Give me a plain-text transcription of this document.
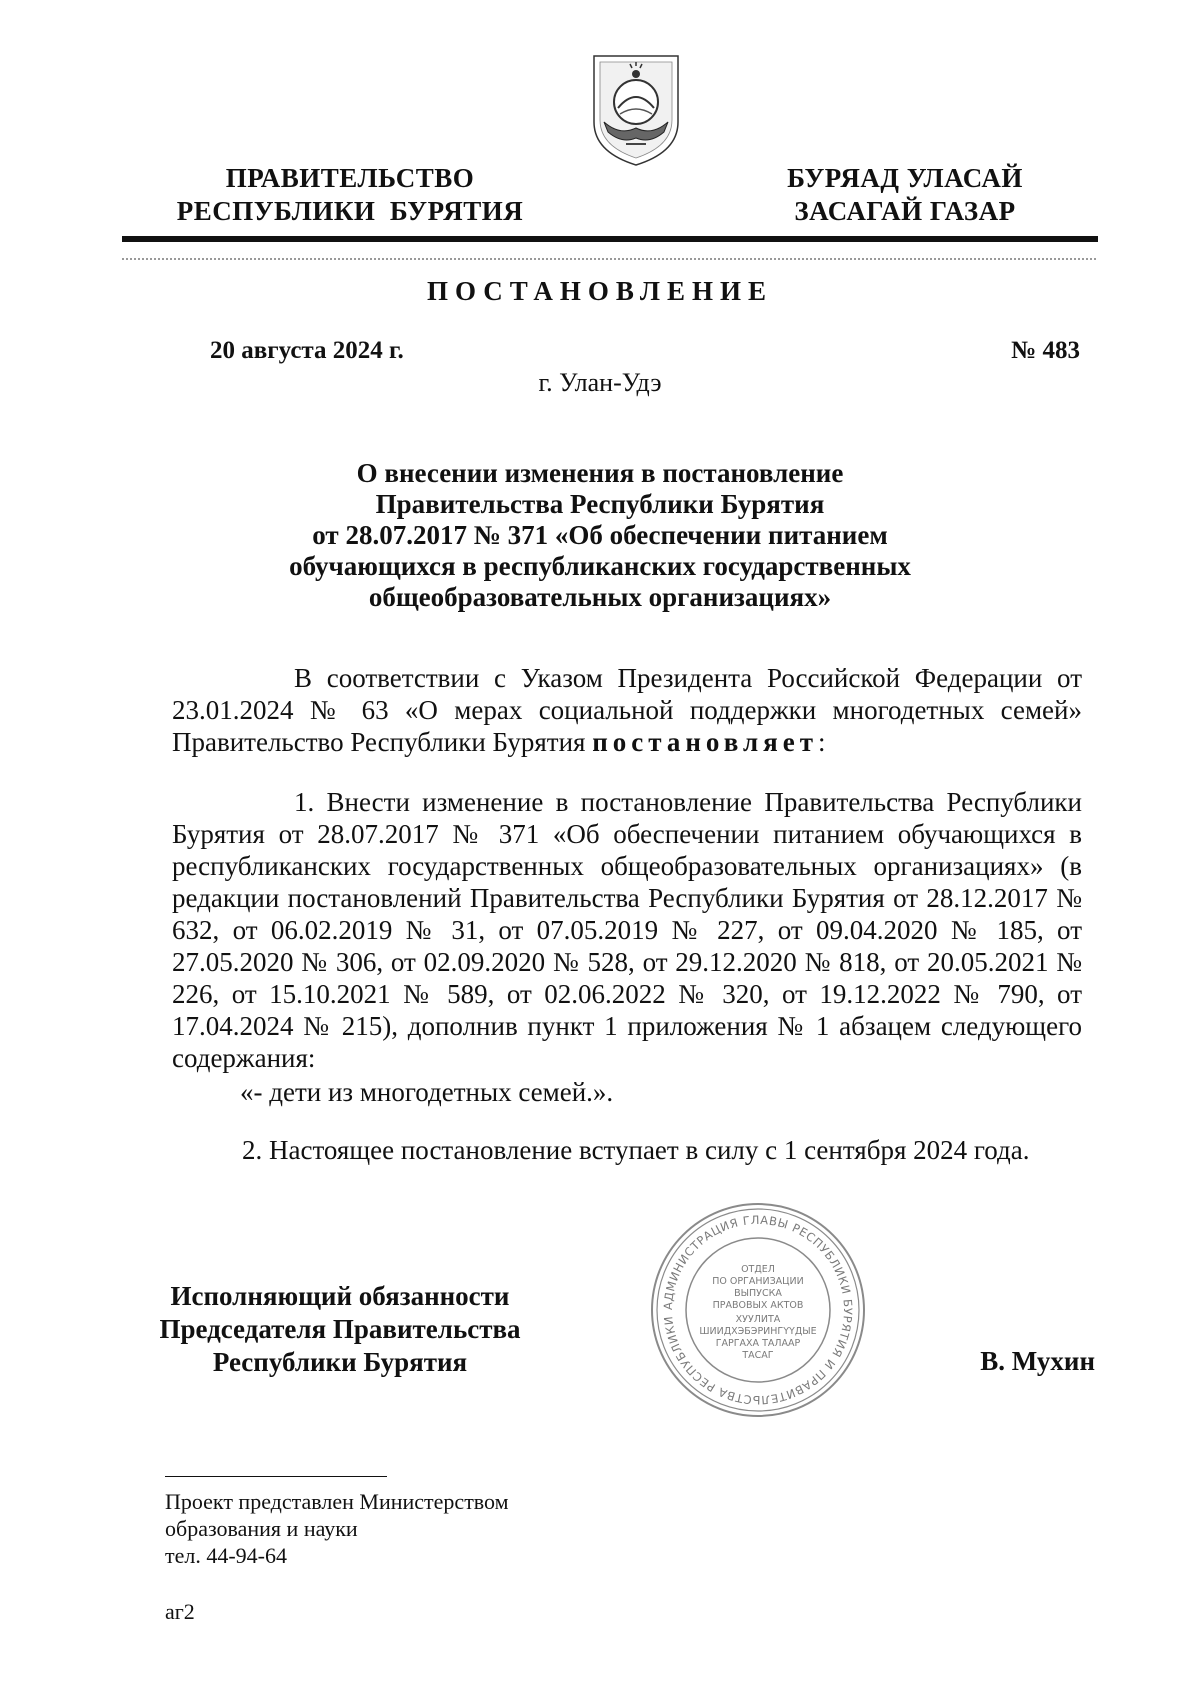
ПРАВИТЕЛЬСТВО
РЕСПУБЛИКИ  БУРЯТИЯ
БУРЯАД УЛАСАЙ
ЗАСАГАЙ ГАЗАР
ПОСТАНОВЛЕНИЕ
20 августа 2024 г.	№ 483
г. Улан-Удэ
О внесении изменения в постановление
Правительства Республики Бурятия
от 28.07.2017 № 371 «Об обеспечении питанием
обучающихся в республиканских государственных
общеобразовательных организациях»
В соответствии с Указом Президента Российской Федерации от 23.01.2024 № 63 «О мерах социальной поддержки многодетных семей» Правительство Республики Бурятия постановляет:
1. Внести изменение в постановление Правительства Республики Бурятия от 28.07.2017 № 371 «Об обеспечении питанием обучающихся в республиканских государственных общеобразовательных организациях» (в редакции постановлений Правительства Республики Бурятия от 28.12.2017 № 632, от 06.02.2019 № 31, от 07.05.2019 № 227, от 09.04.2020 № 185, от 27.05.2020 № 306, от 02.09.2020 № 528, от 29.12.2020 № 818, от 20.05.2021 № 226, от 15.10.2021 № 589, от 02.06.2022 № 320, от 19.12.2022 № 790, от 17.04.2024 № 215), дополнив пункт 1 приложения № 1 абзацем следующего содержания:
«- дети из многодетных семей.».
2. Настоящее постановление вступает в силу с 1 сентября 2024 года.
Исполняющий обязанности
Председателя Правительства
Республики Бурятия	В. Мухин
АДМИНИСТРАЦИЯ ГЛАВЫ РЕСПУБЛИКИ БУРЯТИЯ И ПРАВИТЕЛЬСТВА РЕСПУБЛИКИ
ОТДЕЛ
ПО ОРГАНИЗАЦИИ
ВЫПУСКА
ПРАВОВЫХ АКТОВ
ХУУЛИТА
ШИИДХЭБЭРИНГҮҮДЫЕ
ГАРГАХА ТАЛААР
ТАСАГ
Проект представлен Министерством
образования и науки
тел. 44-94-64
аг2
